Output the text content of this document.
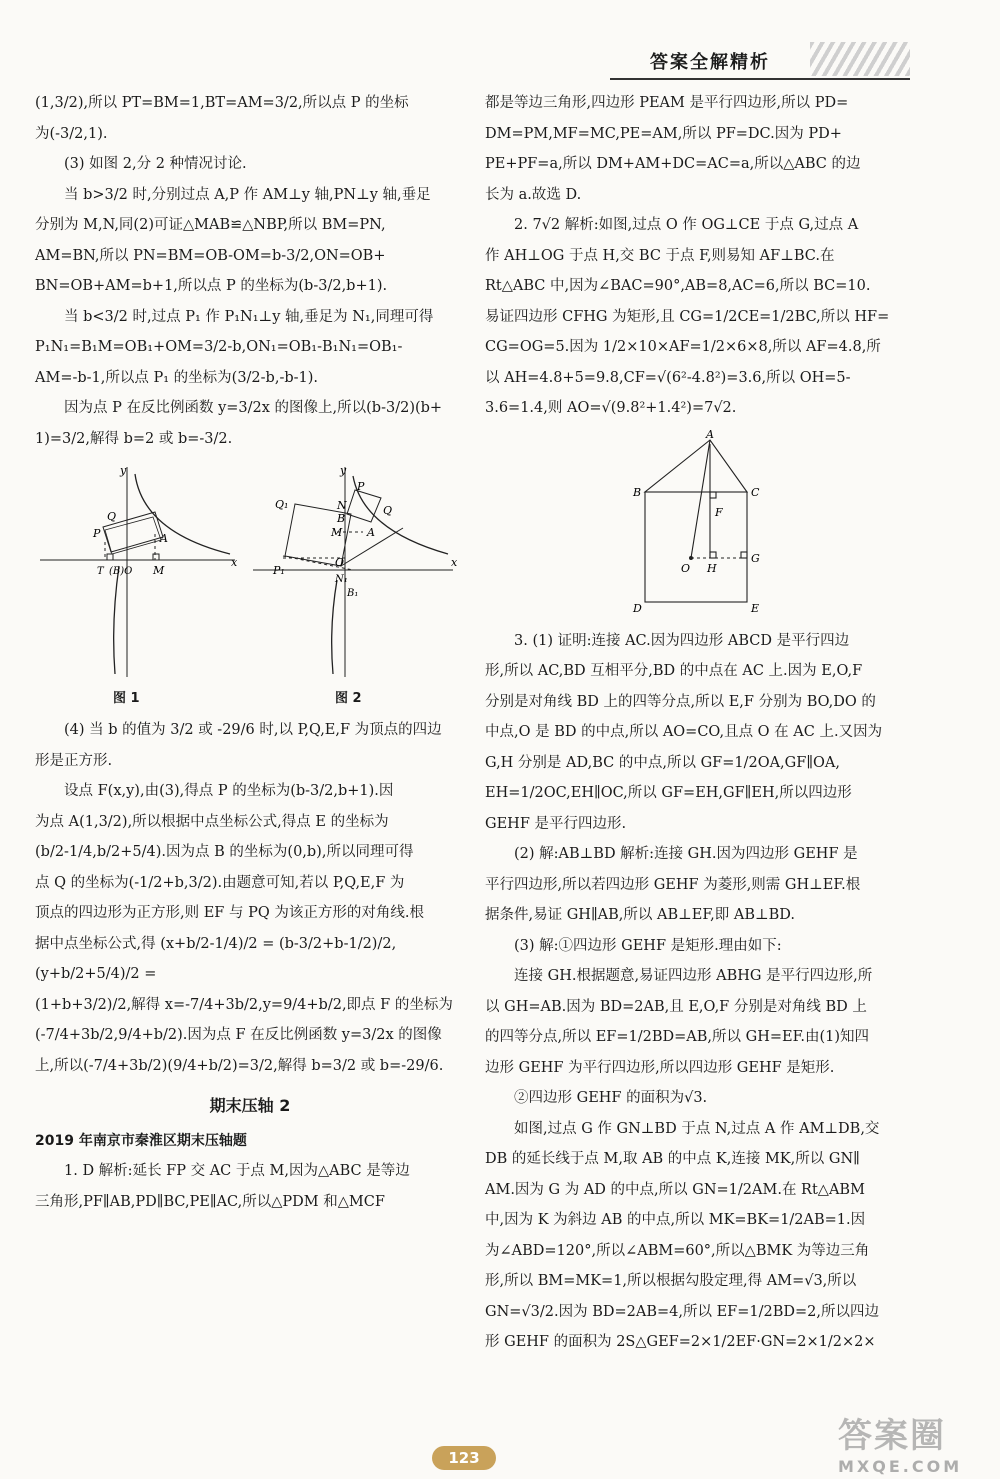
答案全解精析

(1,3/2),所以 PT=BM=1,BT=AM=3/2,所以点 P 的坐标

为(-3/2,1).

(3) 如图 2,分 2 种情况讨论.

当 b>3/2 时,分别过点 A,P 作 AM⊥y 轴,PN⊥y 轴,垂足

分别为 M,N,同(2)可证△MAB≌△NBP,所以 BM=PN,

AM=BN,所以 PN=BM=OB-OM=b-3/2,ON=OB+

BN=OB+AM=b+1,所以点 P 的坐标为(b-3/2,b+1).

当 b<3/2 时,过点 P₁ 作 P₁N₁⊥y 轴,垂足为 N₁,同理可得

P₁N₁=B₁M=OB₁+OM=3/2-b,ON₁=OB₁-B₁N₁=OB₁-

AM=-b-1,所以点 P₁ 的坐标为(3/2-b,-b-1).

因为点 P 在反比例函数 y=3/2x 的图像上,所以(b-3/2)(b+

1)=3/2,解得 b=2 或 b=-3/2.

y
Q
A
P
T (B)O M
x
y
P
Q₁	N
B
Q
M A
O
N₁
P₁
B₁
x
图 1	图 2

(4) 当 b 的值为 3/2 或 -29/6 时,以 P,Q,E,F 为顶点的四边

形是正方形.

设点 F(x,y),由(3),得点 P 的坐标为(b-3/2,b+1).因

为点 A(1,3/2),所以根据中点坐标公式,得点 E 的坐标为

(b/2-1/4,b/2+5/4).因为点 B 的坐标为(0,b),所以同理可得

点 Q 的坐标为(-1/2+b,3/2).由题意可知,若以 P,Q,E,F 为

顶点的四边形为正方形,则 EF 与 PQ 为该正方形的对角线.根

据中点坐标公式,得 (x+b/2-1/4)/2 = (b-3/2+b-1/2)/2, (y+b/2+5/4)/2 =

(1+b+3/2)/2,解得 x=-7/4+3b/2,y=9/4+b/2,即点 F 的坐标为

(-7/4+3b/2,9/4+b/2).因为点 F 在反比例函数 y=3/2x 的图像

上,所以(-7/4+3b/2)(9/4+b/2)=3/2,解得 b=3/2 或 b=-29/6.

期末压轴 2
2019 年南京市秦淮区期末压轴题

1. D 解析:延长 FP 交 AC 于点 M,因为△ABC 是等边

三角形,PF∥AB,PD∥BC,PE∥AC,所以△PDM 和△MCF

都是等边三角形,四边形 PEAM 是平行四边形,所以 PD=

DM=PM,MF=MC,PE=AM,所以 PF=DC.因为 PD+

PE+PF=a,所以 DM+AM+DC=AC=a,所以△ABC 的边

长为 a.故选 D.

2. 7√2 解析:如图,过点 O 作 OG⊥CE 于点 G,过点 A

作 AH⊥OG 于点 H,交 BC 于点 F,则易知 AF⊥BC.在

Rt△ABC 中,因为∠BAC=90°,AB=8,AC=6,所以 BC=10.

易证四边形 CFHG 为矩形,且 CG=1/2CE=1/2BC,所以 HF=

CG=OG=5.因为 1/2×10×AF=1/2×6×8,所以 AF=4.8,所

以 AH=4.8+5=9.8,CF=√(6²-4.8²)=3.6,所以 OH=5-

3.6=1.4,则 AO=√(9.8²+1.4²)=7√2.

A
B	C
F
O H
G
D	E

3. (1) 证明:连接 AC.因为四边形 ABCD 是平行四边

形,所以 AC,BD 互相平分,BD 的中点在 AC 上.因为 E,O,F

分别是对角线 BD 上的四等分点,所以 E,F 分别为 BO,DO 的

中点,O 是 BD 的中点,所以 AO=CO,且点 O 在 AC 上.又因为

G,H 分别是 AD,BC 的中点,所以 GF=1/2OA,GF∥OA,

EH=1/2OC,EH∥OC,所以 GF=EH,GF∥EH,所以四边形

GEHF 是平行四边形.

(2) 解:AB⊥BD 解析:连接 GH.因为四边形 GEHF 是

平行四边形,所以若四边形 GEHF 为菱形,则需 GH⊥EF.根

据条件,易证 GH∥AB,所以 AB⊥EF,即 AB⊥BD.

(3) 解:①四边形 GEHF 是矩形.理由如下:

连接 GH.根据题意,易证四边形 ABHG 是平行四边形,所

以 GH=AB.因为 BD=2AB,且 E,O,F 分别是对角线 BD 上

的四等分点,所以 EF=1/2BD=AB,所以 GH=EF.由(1)知四

边形 GEHF 为平行四边形,所以四边形 GEHF 是矩形.

②四边形 GEHF 的面积为√3.

如图,过点 G 作 GN⊥BD 于点 N,过点 A 作 AM⊥DB,交

DB 的延长线于点 M,取 AB 的中点 K,连接 MK,所以 GN∥

AM.因为 G 为 AD 的中点,所以 GN=1/2AM.在 Rt△ABM

中,因为 K 为斜边 AB 的中点,所以 MK=BK=1/2AB=1.因

为∠ABD=120°,所以∠ABM=60°,所以△BMK 为等边三角

形,所以 BM=MK=1,所以根据勾股定理,得 AM=√3,所以

GN=√3/2.因为 BD=2AB=4,所以 EF=1/2BD=2,所以四边

形 GEHF 的面积为 2S△GEF=2×1/2EF·GN=2×1/2×2×

123
答案圈
MXQE.COM
